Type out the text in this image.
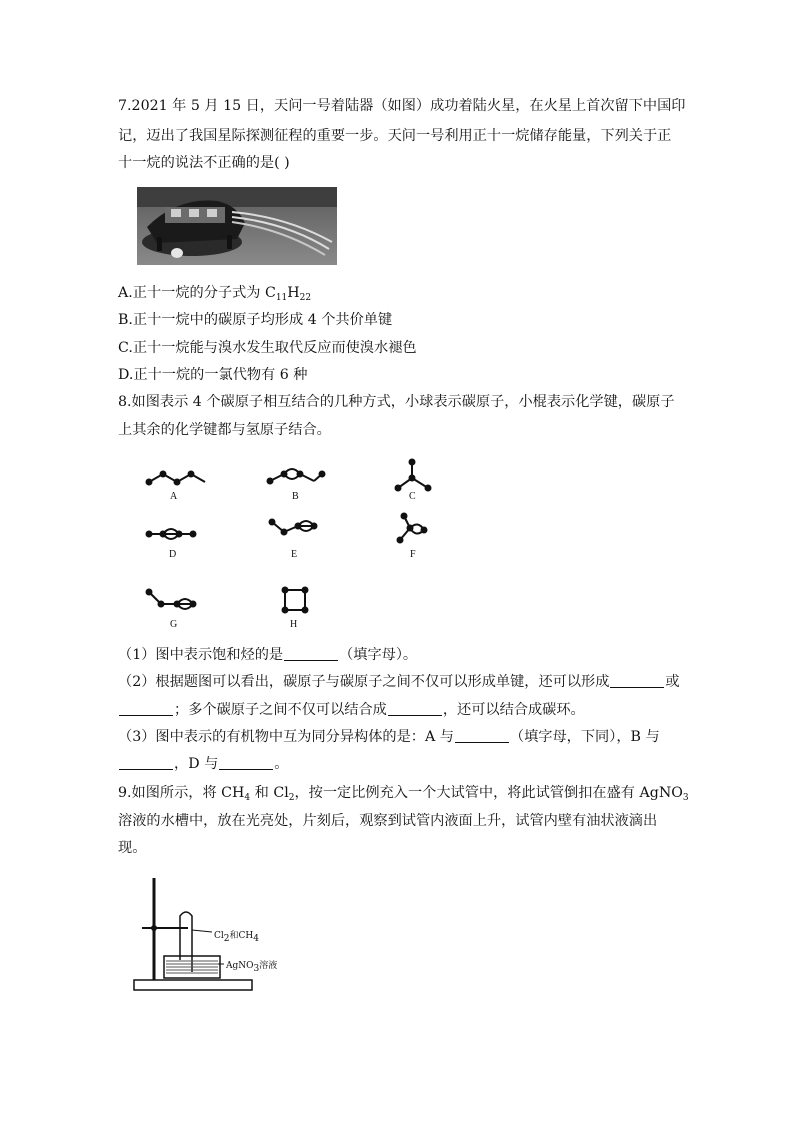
7.2021 年 5 月 15 日，天问一号着陆器（如图）成功着陆火星，在火星上首次留下中国印
记，迈出了我国星际探测征程的重要一步。天问一号利用正十一烷储存能量，下列关于正
十一烷的说法不正确的是( )
A.正十一烷的分子式为 $C_{11}H_{22}$
B.正十一烷中的碳原子均形成 4 个共价单键
C.正十一烷能与溴水发生取代反应而使溴水褪色
D.正十一烷的一氯代物有 6 种
8.如图表示 4 个碳原子相互结合的几种方式，小球表示碳原子，小棍表示化学键，碳原子
上其余的化学键都与氢原子结合。
A	B	C
D	E	F
G	H
（1）图中表示饱和烃的是	（填字母）。
（2）根据题图可以看出，碳原子与碳原子之间不仅可以形成单键，还可以形成	或
；多个碳原子之间不仅可以结合成	，还可以结合成碳环。
（3）图中表示的有机物中互为同分异构体的是：A 与	（填字母，下同），B 与
，D 与	。
9.如图所示，将 $CH_4$ 和 $Cl_2$，按一定比例充入一个大试管中，将此试管倒扣在盛有 AgNO$_3$
溶液的水槽中，放在光亮处，片刻后，观察到试管内液面上升，试管内壁有油状液滴出
现。
$Cl_2$和$CH_4$
AgNO$_3$溶液
